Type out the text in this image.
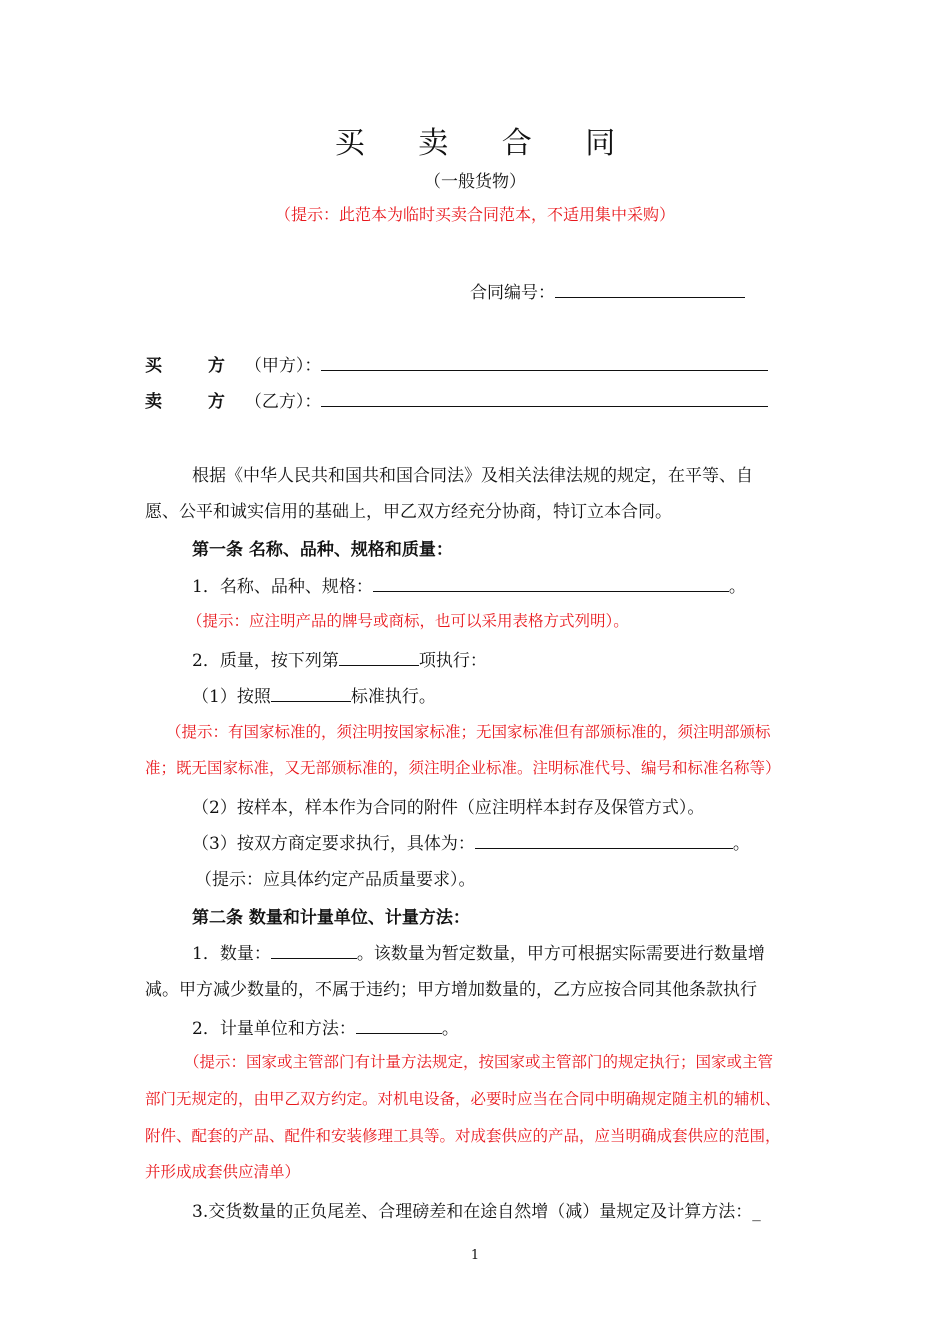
买 卖 合 同
（一般货物）
（提示：此范本为临时买卖合同范本，不适用集中采购）
合同编号：
买 方（甲方）：
卖 方（乙方）：
根据《中华人民共和国共和国合同法》及相关法律法规的规定，在平等、自
愿、公平和诚实信用的基础上，甲乙双方经充分协商，特订立本合同。
第一条 名称、品种、规格和质量：
1．名称、品种、规格：	。
（提示：应注明产品的牌号或商标，也可以采用表格方式列明）。
2．质量，按下列第	项执行：
（1）按照	标准执行。
（提示：有国家标准的，须注明按国家标准；无国家标准但有部颁标准的，须注明部颁标
准；既无国家标准，又无部颁标准的，须注明企业标准。注明标准代号、编号和标准名称等）
（2）按样本，样本作为合同的附件（应注明样本封存及保管方式）。
（3）按双方商定要求执行，具体为：	。
（提示：应具体约定产品质量要求）。
第二条 数量和计量单位、计量方法：
1．数量：	。该数量为暂定数量，甲方可根据实际需要进行数量增
减。甲方减少数量的，不属于违约；甲方增加数量的，乙方应按合同其他条款执行
2．计量单位和方法：	。
（提示：国家或主管部门有计量方法规定，按国家或主管部门的规定执行；国家或主管
部门无规定的，由甲乙双方约定。对机电设备，必要时应当在合同中明确规定随主机的辅机、
附件、配套的产品、配件和安装修理工具等。对成套供应的产品，应当明确成套供应的范围，
并形成成套供应清单）
3.交货数量的正负尾差、合理磅差和在途自然增（减）量规定及计算方法：_
1
